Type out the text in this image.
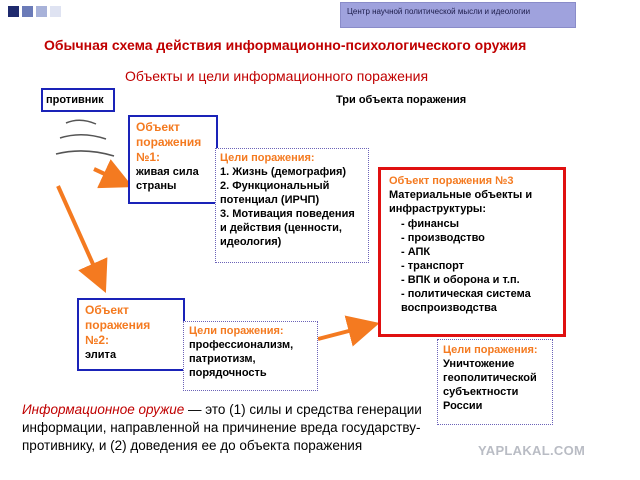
Центр научной политической мысли и идеологии
Обычная схема действия информационно-психологического оружия
Объекты и цели информационного поражения
Три объекта поражения
противник
Объект поражения №1:
живая сила страны
Цели поражения:
1. Жизнь (демография)
2. Функциональный потенциал (ИРЧП)
3. Мотивация поведения и действия (ценности, идеология)
Объект поражения №3
Материальные объекты и инфраструктуры:
- финансы
- производство
- АПК
- транспорт
- ВПК и оборона и т.п.
- политическая система воспроизводства
Объект поражения №2:
элита
Цели поражения:
профессионализм, патриотизм, порядочность
Цели поражения:
Уничтожение геополитической субъектности России
Информационное оружие — это (1) силы и средства генерации информации, направленной на причинение вреда государству-противнику, и (2) доведения ее до объекта поражения	YAPLAKAL.COM
